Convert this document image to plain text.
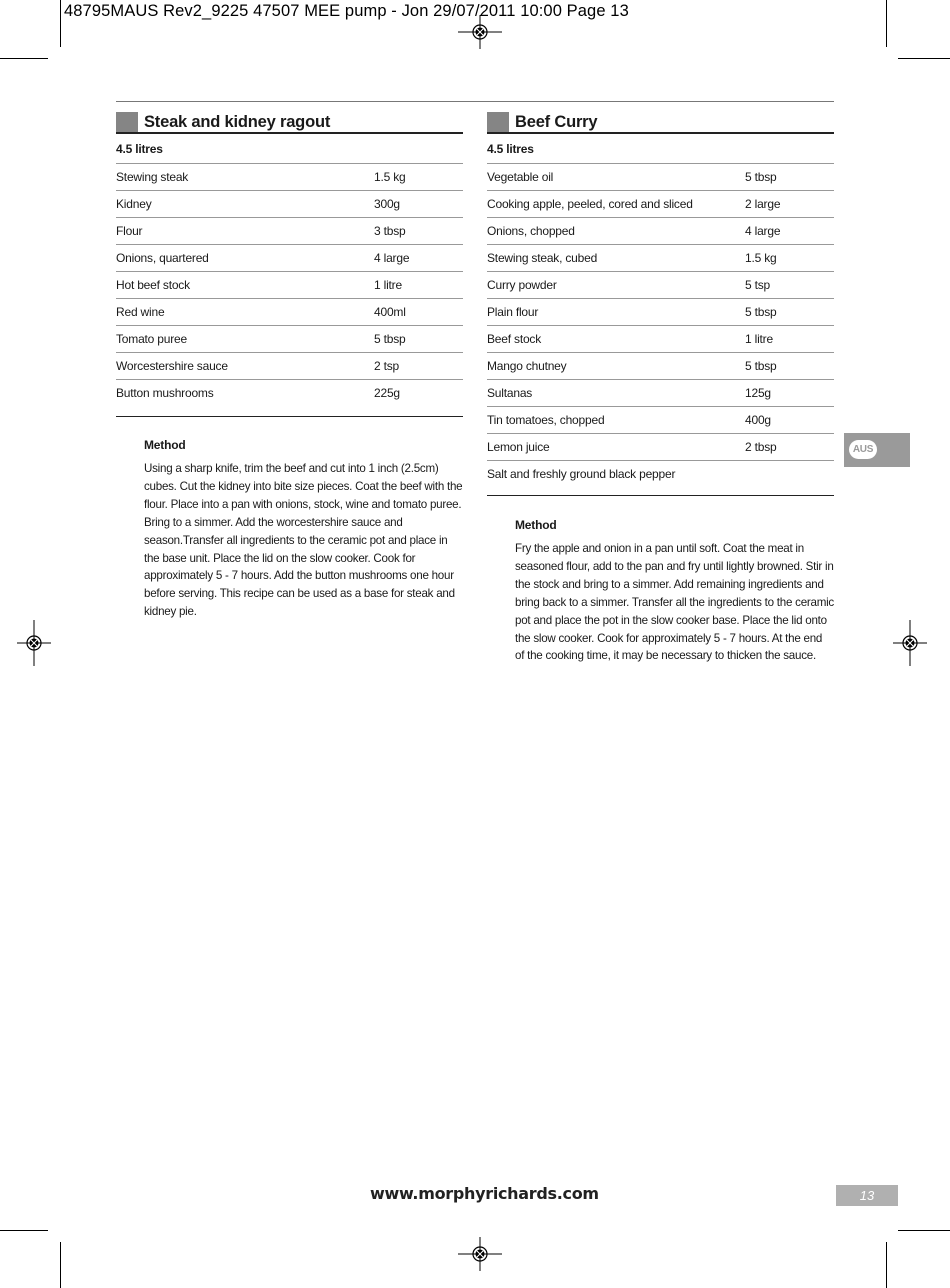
48795MAUS Rev2_9225 47507 MEE pump - Jon 29/07/2011 10:00 Page 13
Steak and kidney ragout
4.5 litres
Stewing steak	1.5 kg
Kidney	300g
Flour	3 tbsp
Onions, quartered	4 large
Hot beef stock	1 litre
Red wine	400ml
Tomato puree	5 tbsp
Worcestershire sauce	2 tsp
Button mushrooms	225g
Method
Using a sharp knife, trim the beef and cut into 1 inch (2.5cm) cubes. Cut the kidney into bite size pieces. Coat the beef with the flour. Place into a pan with onions, stock, wine and tomato puree. Bring to a simmer. Add the worcestershire sauce and season.Transfer all ingredients to the ceramic pot and place in the base unit. Place the lid on the slow cooker. Cook for approximately 5 - 7 hours. Add the button mushrooms one hour before serving. This recipe can be used as a base for steak and kidney pie.
Beef Curry
4.5 litres
Vegetable oil	5 tbsp
Cooking apple, peeled, cored and sliced	2 large
Onions, chopped	4 large
Stewing steak, cubed	1.5 kg
Curry powder	5 tsp
Plain flour	5 tbsp
Beef stock	1 litre
Mango chutney	5 tbsp
Sultanas	125g
Tin tomatoes, chopped	400g
Lemon juice	2 tbsp
Salt and freshly ground black pepper
Method
Fry the apple and onion in a pan until soft. Coat the meat in seasoned flour, add to the pan and fry until lightly browned. Stir in the stock and bring to a simmer. Add remaining ingredients and bring back to a simmer. Transfer all the ingredients to the ceramic pot and place the pot in the slow cooker base. Place the lid onto the slow cooker. Cook for approximately 5 - 7 hours. At the end of the cooking time, it may be necessary to thicken the sauce.
AUS
www.morphyrichards.com	13
